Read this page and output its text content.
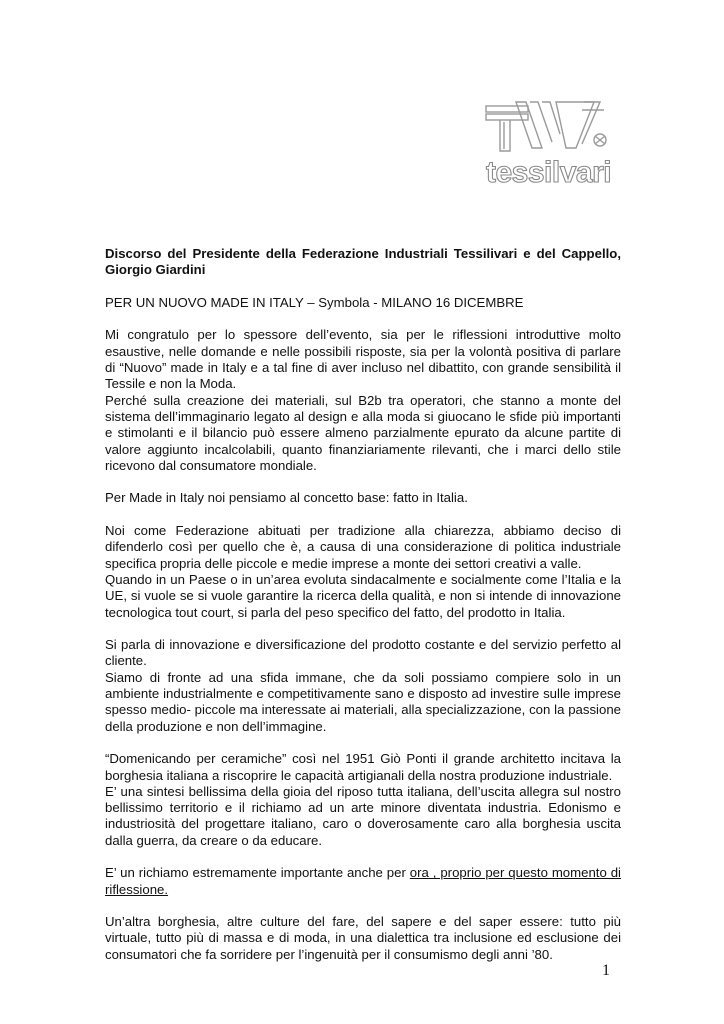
tessilvari

Discorso del Presidente della Federazione Industriali Tessilivari e del Cappello, Giorgio Giardini

PER UN NUOVO MADE IN ITALY – Symbola - MILANO 16 DICEMBRE

Mi congratulo per lo spessore dell’evento, sia per le riflessioni introduttive molto esaustive, nelle domande e nelle possibili risposte, sia per la volontà positiva di parlare di “Nuovo” made in Italy e a tal fine di aver incluso nel dibattito, con grande sensibilità il Tessile e non la Moda.
Perché sulla creazione dei materiali, sul B2b tra operatori, che stanno a monte del sistema dell’immaginario legato al design e alla moda si giuocano le sfide più importanti e stimolanti e il bilancio può essere almeno parzialmente epurato da alcune partite di valore aggiunto incalcolabili, quanto finanziariamente rilevanti, che i marci dello stile ricevono dal consumatore mondiale.

Per Made in Italy noi pensiamo al concetto base: fatto in Italia.

Noi come Federazione abituati per tradizione alla chiarezza, abbiamo deciso di difenderlo così per quello che è, a causa di una considerazione di politica industriale specifica propria delle piccole e medie imprese a monte dei settori creativi a valle.
Quando in un Paese o in un’area evoluta sindacalmente e socialmente come l’Italia e la UE, si vuole se si vuole garantire la ricerca della qualità, e non si intende di innovazione tecnologica tout court, si parla del peso specifico del fatto, del prodotto in Italia.

Si parla di innovazione e diversificazione del prodotto costante e del servizio perfetto al cliente.
Siamo di fronte ad una sfida immane, che da soli possiamo compiere solo in un ambiente industrialmente e competitivamente sano e disposto ad investire sulle imprese spesso medio- piccole ma interessate ai materiali, alla specializzazione, con la passione della produzione e non dell’immagine.

“Domenicando per ceramiche” così nel 1951 Giò Ponti il grande architetto incitava la borghesia italiana a riscoprire le capacità artigianali della nostra produzione industriale.
E’ una sintesi bellissima della gioia del riposo tutta italiana, dell’uscita allegra sul nostro bellissimo territorio e il richiamo ad un arte minore diventata industria. Edonismo e industriosità del progettare italiano, caro o doverosamente caro alla borghesia uscita dalla guerra, da creare o da educare.

E’ un richiamo estremamente importante anche per ora , proprio per questo momento di riflessione.

Un’altra borghesia, altre culture del fare, del sapere e del saper essere: tutto più virtuale, tutto più di massa e di moda, in una dialettica tra inclusione ed esclusione dei consumatori che fa sorridere per l’ingenuità per il consumismo degli anni ’80.

1
